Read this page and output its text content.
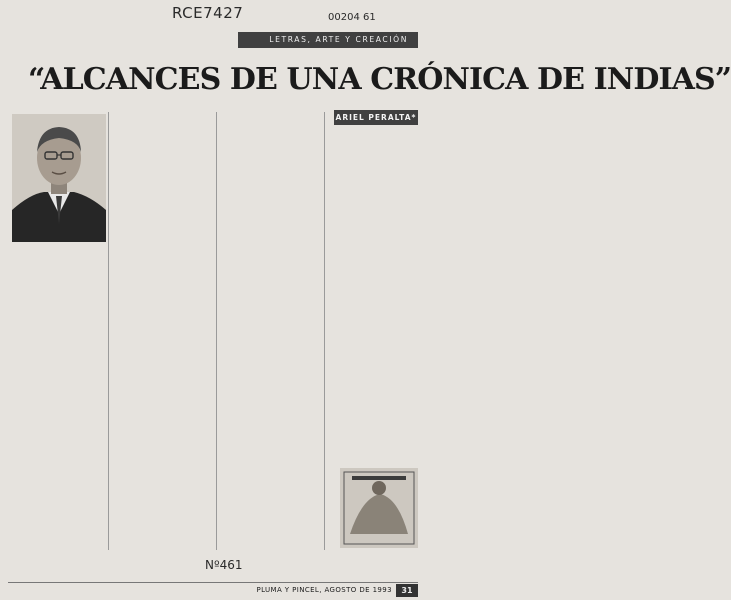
RCE7427	00204 61
LETRAS, ARTE Y CREACIÓN
“ALCANCES DE UNA CRÓNICA DE INDIAS”
ARIEL PERALTA*

Nº461
PLUMA Y PINCEL, AGOSTO DE 1993	31
